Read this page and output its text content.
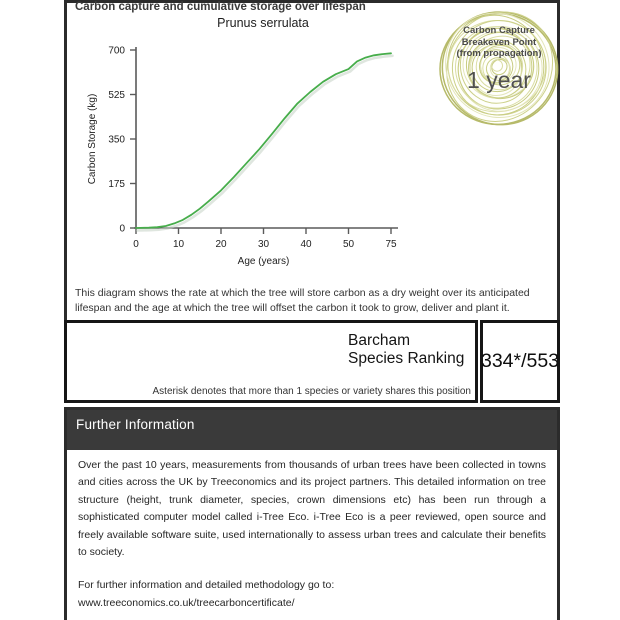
Carbon capture and cumulative storage over lifespan
Prunus serrulata
0
175
350
525
700
0	10	20	30	40	50	75
Age (years)
Carbon Storage (kg)
Carbon Capture
Breakeven Point
(from propagation)
1 year
This diagram shows the rate at which the tree will store carbon as a dry weight over its anticipated lifespan and the age at which the tree will offset the carbon it took to grow, deliver and plant it.
Barcham
Species Ranking
Asterisk denotes that more than 1 species or variety shares this position
334*/553
Further Information

Over the past 10 years, measurements from thousands of urban trees have been collected in towns and cities across the UK by Treeconomics and its project partners. This detailed information on tree structure (height, trunk diameter, species, crown dimensions etc) has been run through a sophisticated computer model called i-Tree Eco. i-Tree Eco is a peer reviewed, open source and freely available software suite, used internationally to assess urban trees and calculate their benefits to society.

For further information and detailed methodology go to: www.treeconomics.co.uk/treecarboncertificate/
